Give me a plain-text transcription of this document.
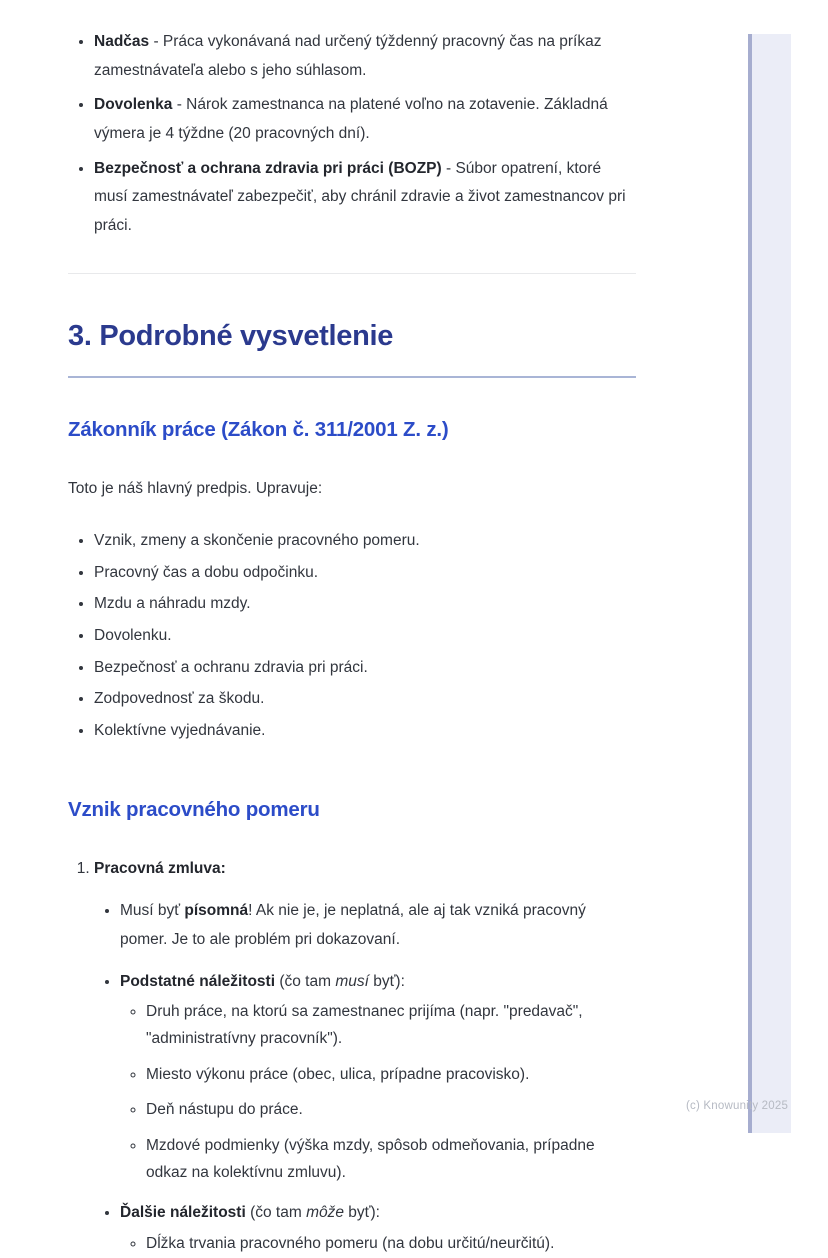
• Nadčas - Práca vykonávaná nad určený týždenný pracovný čas na príkaz zamestnávateľa alebo s jeho súhlasom.
• Dovolenka - Nárok zamestnanca na platené voľno na zotavenie. Základná výmera je 4 týždne (20 pracovných dní).
• Bezpečnosť a ochrana zdravia pri práci (BOZP) - Súbor opatrení, ktoré musí zamestnávateľ zabezpečiť, aby chránil zdravie a život zamestnancov pri práci.
3. Podrobné vysvetlenie
Zákonník práce (Zákon č. 311/2001 Z. z.)

Toto je náš hlavný predpis. Upravuje:

• Vznik, zmeny a skončenie pracovného pomeru.
• Pracovný čas a dobu odpočinku.
• Mzdu a náhradu mzdy.
• Dovolenku.
• Bezpečnosť a ochranu zdravia pri práci.
• Zodpovednosť za škodu.
• Kolektívne vyjednávanie.
Vznik pracovného pomeru
1. Pracovná zmluva:
• Musí byť písomná! Ak nie je, je neplatná, ale aj tak vzniká pracovný pomer. Je to ale problém pri dokazovaní.
• Podstatné náležitosti (čo tam musí byť):
◦ Druh práce, na ktorú sa zamestnanec prijíma (napr. "predavač", "administratívny pracovník").
◦ Miesto výkonu práce (obec, ulica, prípadne pracovisko).
◦ Deň nástupu do práce.
◦ Mzdové podmienky (výška mzdy, spôsob odmeňovania, prípadne odkaz na kolektívnu zmluvu).
• Ďalšie náležitosti (čo tam môže byť):
◦ Dĺžka trvania pracovného pomeru (na dobu určitú/neurčitú).
(c) Knowunity 2025
